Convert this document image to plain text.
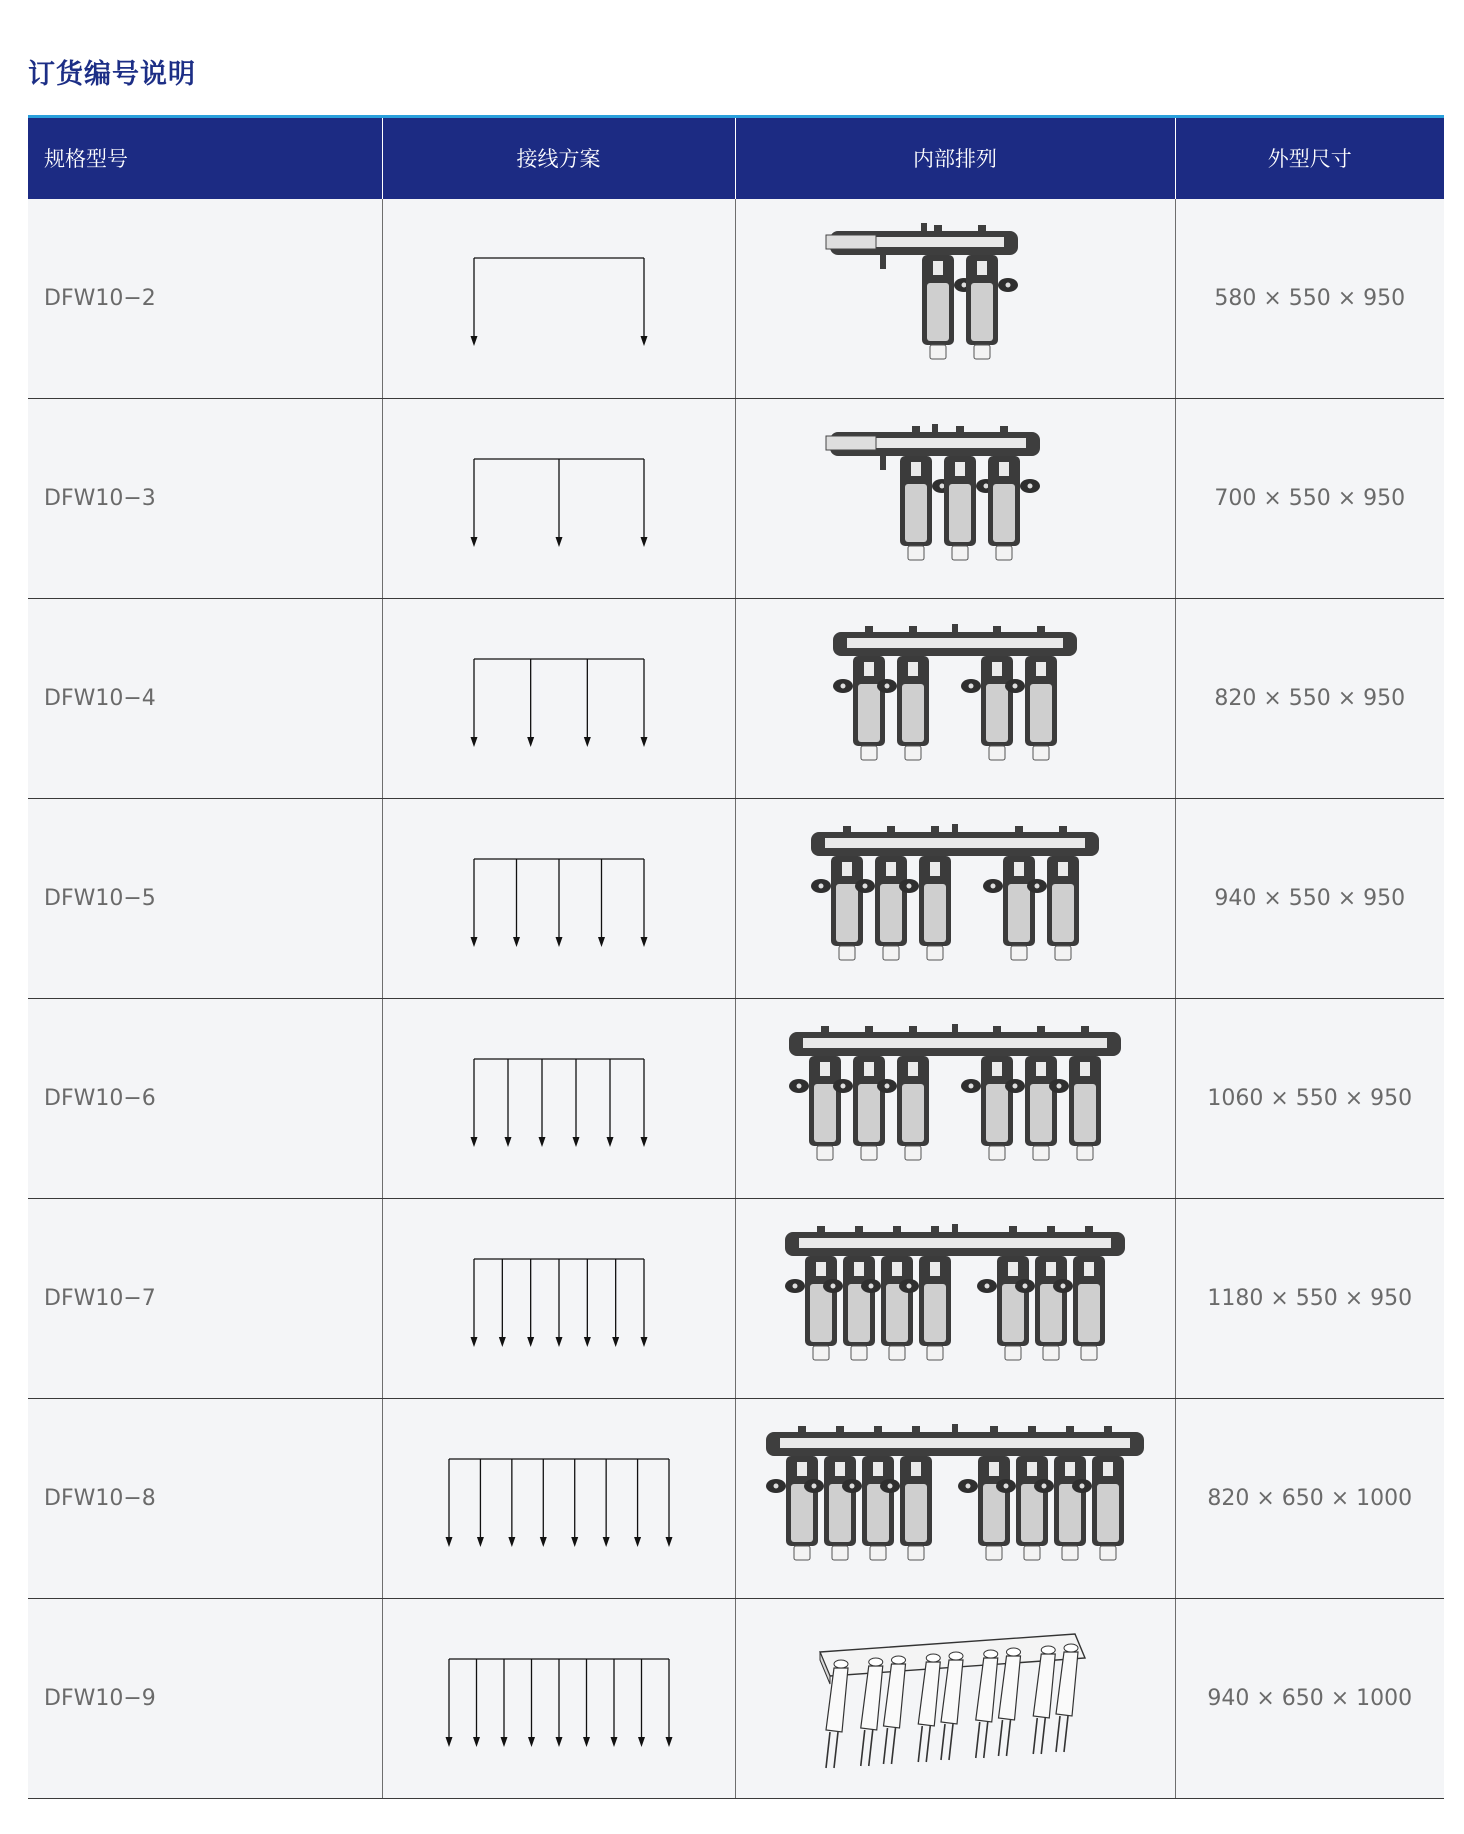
订货编号说明
规格型号	接线方案	内部排列	外型尺寸
DFW10−2			580 × 550 × 950
DFW10−3			700 × 550 × 950
DFW10−4			820 × 550 × 950
DFW10−5			940 × 550 × 950
DFW10−6			1060 × 550 × 950
DFW10−7			1180 × 550 × 950
DFW10−8			820 × 650 × 1000
DFW10−9			940 × 650 × 1000
